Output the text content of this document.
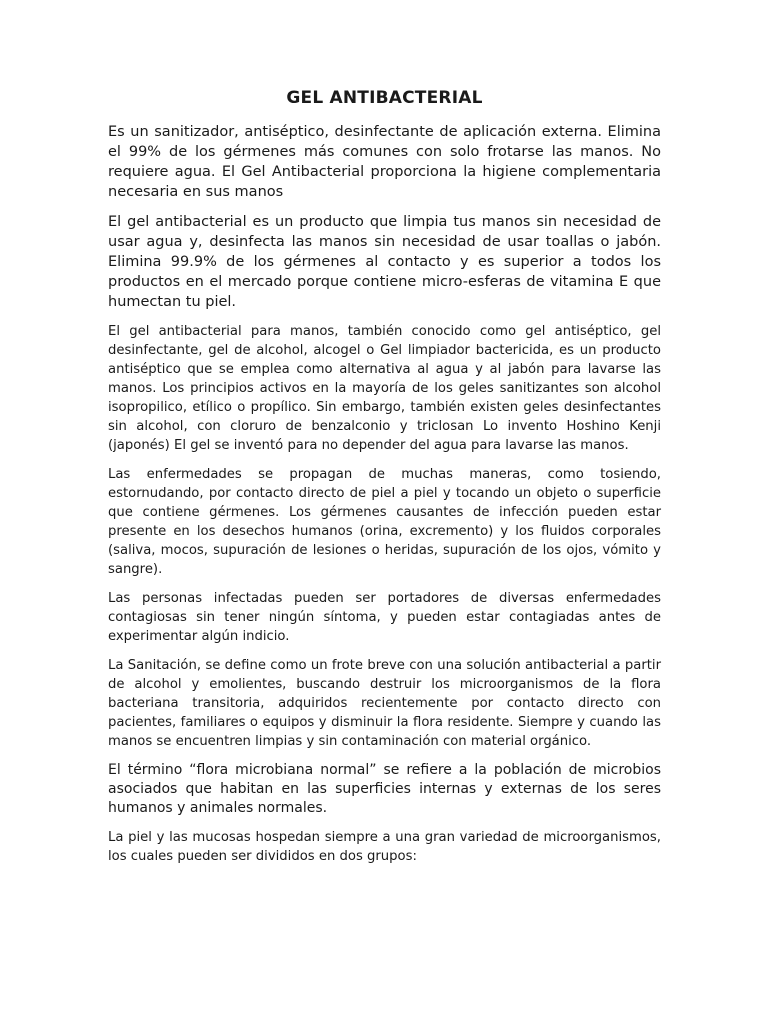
GEL ANTIBACTERIAL

Es un sanitizador, antiséptico, desinfectante de aplicación externa. Elimina el 99% de los gérmenes más comunes con solo frotarse las manos. No requiere agua. El Gel Antibacterial proporciona la higiene complementaria necesaria en sus manos

El gel antibacterial es un producto que limpia tus manos sin necesidad de usar agua y, desinfecta las manos sin necesidad de usar toallas o jabón. Elimina 99.9% de los gérmenes al contacto y es superior a todos los productos en el mercado porque contiene micro-esferas de vitamina E que humectan tu piel.

El gel antibacterial para manos, también conocido como gel antiséptico, gel desinfectante, gel de alcohol, alcogel o Gel limpiador bactericida, es un producto antiséptico que se emplea como alternativa al agua y al jabón para lavarse las manos. Los principios activos en la mayoría de los geles sanitizantes son alcohol isopropilico, etílico o propílico. Sin embargo, también existen geles desinfectantes sin alcohol, con cloruro de benzalconio y triclosan Lo invento Hoshino Kenji (japonés) El gel se inventó para no depender del agua para lavarse las manos.

Las enfermedades se propagan de muchas maneras, como tosiendo, estornudando, por contacto directo de piel a piel y tocando un objeto o superficie que contiene gérmenes. Los gérmenes causantes de infección pueden estar presente en los desechos humanos (orina, excremento) y los fluidos corporales (saliva, mocos, supuración de lesiones o heridas, supuración de los ojos, vómito y sangre).

Las personas infectadas pueden ser portadores de diversas enfermedades contagiosas sin tener ningún síntoma, y pueden estar contagiadas antes de experimentar algún indicio.

La Sanitación, se define como un frote breve con una solución antibacterial a partir de alcohol y emolientes, buscando destruir los microorganismos de la flora bacteriana transitoria, adquiridos recientemente por contacto directo con pacientes, familiares o equipos y disminuir la flora residente. Siempre y cuando las manos se encuentren limpias y sin contaminación con material orgánico.

El término “flora microbiana normal” se refiere a la población de microbios asociados que habitan en las superficies internas y externas de los seres humanos y animales normales.

La piel y las mucosas hospedan siempre a una gran variedad de microorganismos, los cuales pueden ser divididos en dos grupos:
